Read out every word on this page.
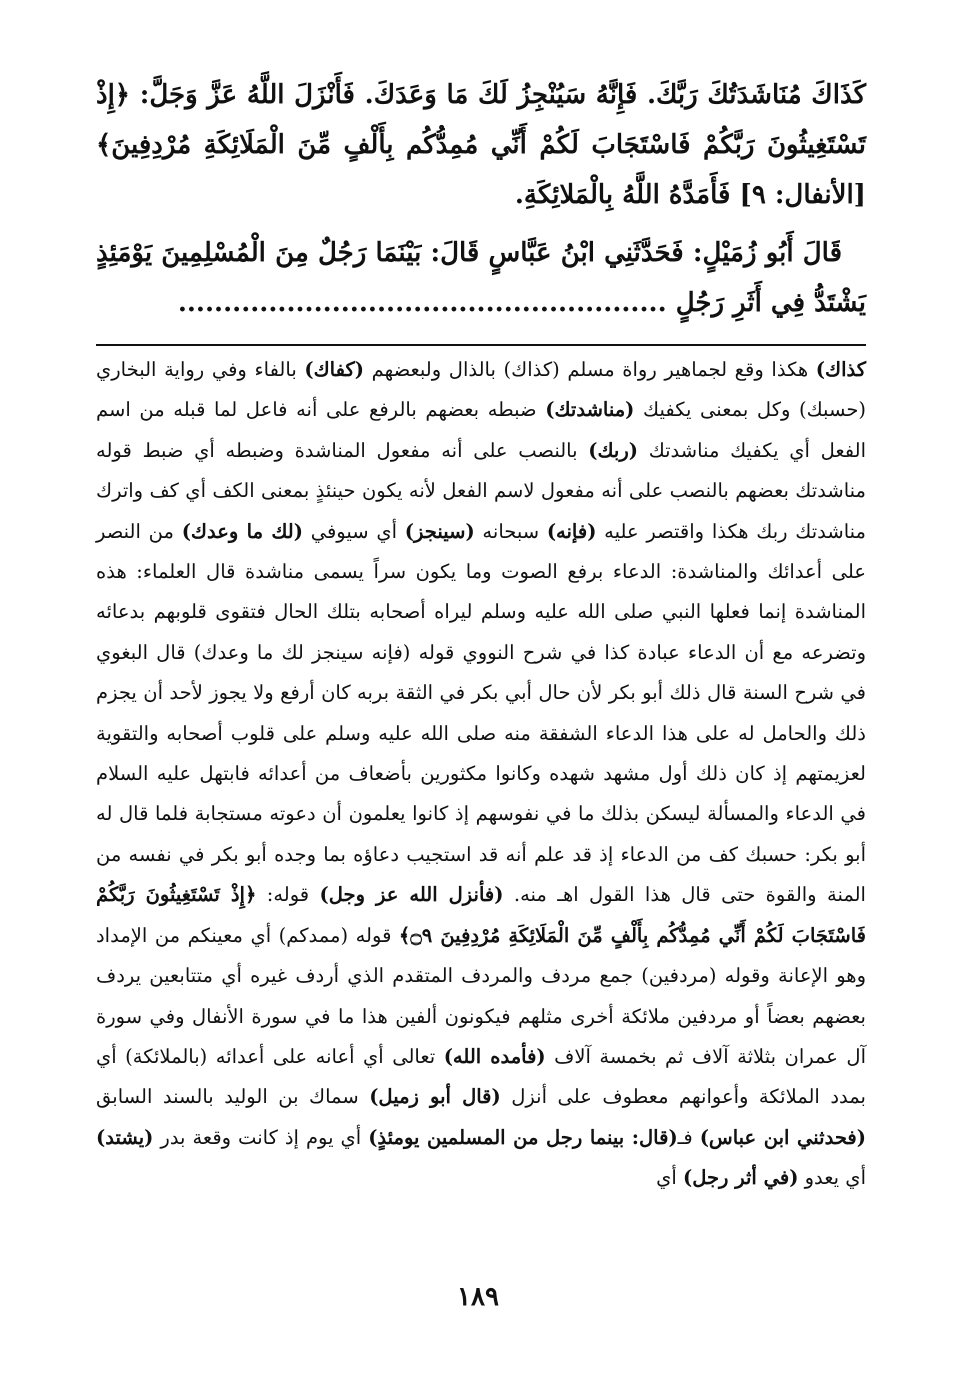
كَذَاكَ مُنَاشَدَتُكَ رَبَّكَ. فَإِنَّهُ سَيُنْجِزُ لَكَ مَا وَعَدَكَ. فَأَنْزَلَ اللَّهُ عَزَّ وَجَلَّ: ﴿إِذْ تَسْتَغِيثُونَ رَبَّكُمْ فَاسْتَجَابَ لَكُمْ أَنِّي مُمِدُّكُم بِأَلْفٍ مِّنَ الْمَلَائِكَةِ مُرْدِفِينَ﴾ [الأنفال: ٩] فَأَمَدَّهُ اللَّهُ بِالْمَلائِكَةِ.

قَالَ أَبُو زُمَيْلٍ: فَحَدَّثَنِي ابْنُ عَبَّاسٍ قَالَ: بَيْنَمَا رَجُلٌ مِنَ الْمُسْلِمِينَ يَوْمَئِذٍ يَشْتَدُّ فِي أَثَرِ رَجُلٍ ......................................................

كذاك) هكذا وقع لجماهير رواة مسلم (كذاك) بالذال ولبعضهم (كفاك) بالفاء وفي رواية البخاري (حسبك) وكل بمعنى يكفيك (مناشدتك) ضبطه بعضهم بالرفع على أنه فاعل لما قبله من اسم الفعل أي يكفيك مناشدتك (ربك) بالنصب على أنه مفعول المناشدة وضبطه أي ضبط قوله مناشدتك بعضهم بالنصب على أنه مفعول لاسم الفعل لأنه يكون حينئذٍ بمعنى الكف أي كف واترك مناشدتك ربك هكذا واقتصر عليه (فإنه) سبحانه (سينجز) أي سيوفي (لك ما وعدك) من النصر على أعدائك والمناشدة: الدعاء برفع الصوت وما يكون سراً يسمى مناشدة قال العلماء: هذه المناشدة إنما فعلها النبي صلى الله عليه وسلم ليراه أصحابه بتلك الحال فتقوى قلوبهم بدعائه وتضرعه مع أن الدعاء عبادة كذا في شرح النووي قوله (فإنه سينجز لك ما وعدك) قال البغوي في شرح السنة قال ذلك أبو بكر لأن حال أبي بكر في الثقة بربه كان أرفع ولا يجوز لأحد أن يجزم ذلك والحامل له على هذا الدعاء الشفقة منه صلى الله عليه وسلم على قلوب أصحابه والتقوية لعزيمتهم إذ كان ذلك أول مشهد شهده وكانوا مكثورين بأضعاف من أعدائه فابتهل عليه السلام في الدعاء والمسألة ليسكن بذلك ما في نفوسهم إذ كانوا يعلمون أن دعوته مستجابة فلما قال له أبو بكر: حسبك كف من الدعاء إذ قد علم أنه قد استجيب دعاؤه بما وجده أبو بكر في نفسه من المنة والقوة حتى قال هذا القول اهـ منه. (فأنزل الله عز وجل) قوله: ﴿إِذْ تَسْتَغِيثُونَ رَبَّكُمْ فَاسْتَجَابَ لَكُمْ أَنِّي مُمِدُّكُم بِأَلْفٍ مِّنَ الْمَلَائِكَةِ مُرْدِفِينَ ۝٩﴾ قوله (ممدكم) أي معينكم من الإمداد وهو الإعانة وقوله (مردفين) جمع مردف والمردف المتقدم الذي أردف غيره أي متتابعين يردف بعضهم بعضاً أو مردفين ملائكة أخرى مثلهم فيكونون ألفين هذا ما في سورة الأنفال وفي سورة آل عمران بثلاثة آلاف ثم بخمسة آلاف (فأمده الله) تعالى أي أعانه على أعدائه (بالملائكة) أي بمدد الملائكة وأعوانهم معطوف على أنزل (قال أبو زميل) سماك بن الوليد بالسند السابق (فحدثني ابن عباس) فـ(قال: بينما رجل من المسلمين يومئذٍ) أي يوم إذ كانت وقعة بدر (يشتد) أي يعدو (في أثر رجل) أي
١٨٩
